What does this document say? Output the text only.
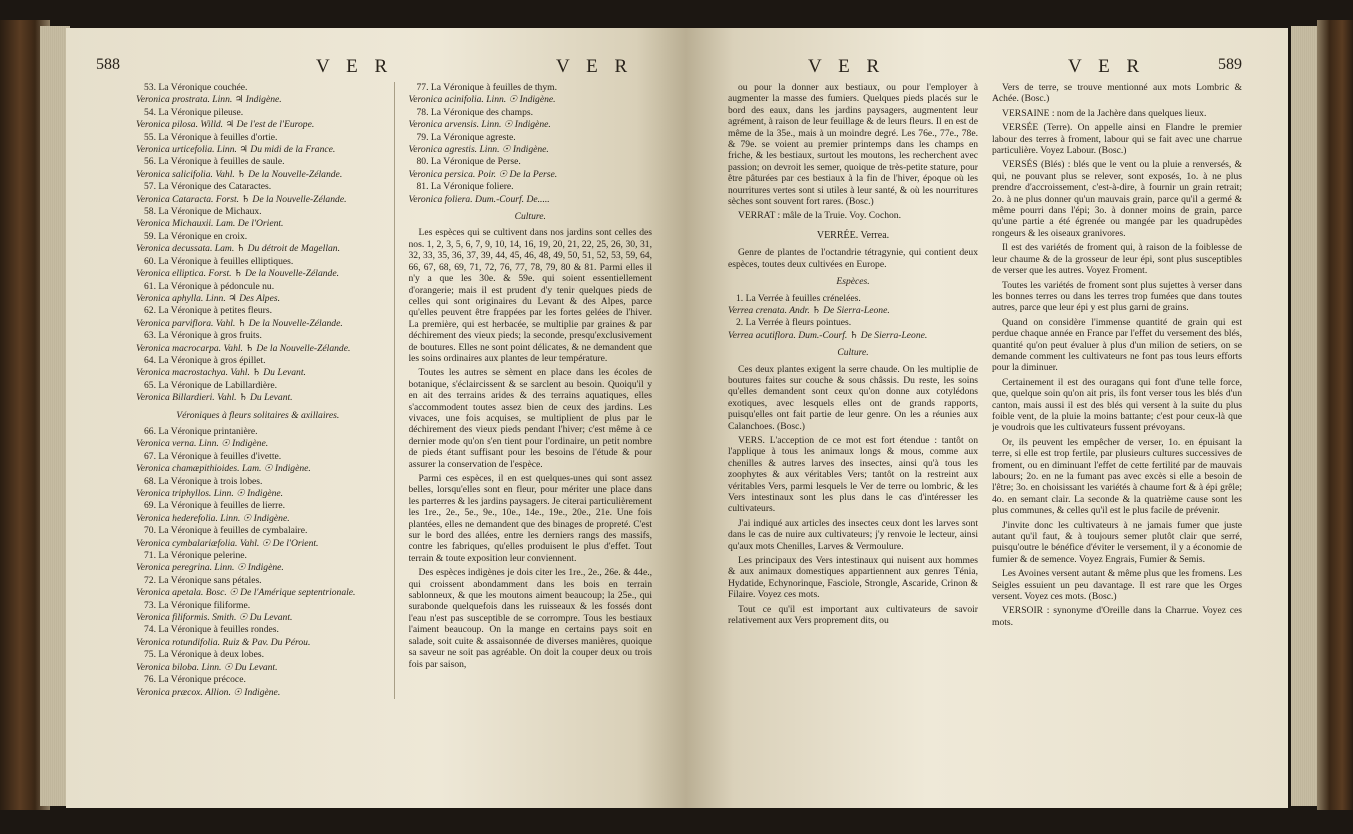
588	V E R	V E R
53. La Véronique couchée.
Veronica prostrata. Linn. ♃ Indigène.
54. La Véronique pileuse.
Veronica pilosa. Willd. ♃ De l'est de l'Europe.
55. La Véronique à feuilles d'ortie.
Veronica urticefolia. Linn. ♃ Du midi de la France.
56. La Véronique à feuilles de saule.
Veronica salicifolia. Vahl. ♄ De la Nouvelle-Zélande.
57. La Véronique des Cataractes.
Veronica Cataracta. Forst. ♄ De la Nouvelle-Zélande.
58. La Véronique de Michaux.
Veronica Michauxii. Lam. De l'Orient.
59. La Véronique en croix.
Veronica decussata. Lam. ♄ Du détroit de Magellan.
60. La Véronique à feuilles elliptiques.
Veronica elliptica. Forst. ♄ De la Nouvelle-Zélande.
61. La Véronique à pédoncule nu.
Veronica aphylla. Linn. ♃ Des Alpes.
62. La Véronique à petites fleurs.
Veronica parviflora. Vahl. ♄ De la Nouvelle-Zélande.
63. La Véronique à gros fruits.
Veronica macrocarpa. Vahl. ♄ De la Nouvelle-Zélande.
64. La Véronique à gros épillet.
Veronica macrostachya. Vahl. ♄ Du Levant.
65. La Véronique de Labillardière.
Veronica Billardieri. Vahl. ♄ Du Levant.
Véroniques à fleurs solitaires & axillaires.
66. La Véronique printanière.
Veronica verna. Linn. ☉ Indigène.
67. La Véronique à feuilles d'ivette.
Veronica chamæpithioides. Lam. ☉ Indigène.
68. La Véronique à trois lobes.
Veronica triphyllos. Linn. ☉ Indigène.
69. La Véronique à feuilles de lierre.
Veronica hederefolia. Linn. ☉ Indigène.
70. La Véronique à feuilles de cymbalaire.
Veronica cymbalariæfolia. Vahl. ☉ De l'Orient.
71. La Véronique pelerine.
Veronica peregrina. Linn. ☉ Indigène.
72. La Véronique sans pétales.
Veronica apetala. Bosc. ☉ De l'Amérique septentrionale.
73. La Véronique filiforme.
Veronica filiformis. Smith. ☉ Du Levant.
74. La Véronique à feuilles rondes.
Veronica rotundifolia. Ruiz & Pav. Du Pérou.
75. La Véronique à deux lobes.
Veronica biloba. Linn. ☉ Du Levant.
76. La Véronique précoce.
Veronica præcox. Allion. ☉ Indigène.
77. La Véronique à feuilles de thym.
Veronica acinifolia. Linn. ☉ Indigène.
78. La Véronique des champs.
Veronica arvensis. Linn. ☉ Indigène.
79. La Véronique agreste.
Veronica agrestis. Linn. ☉ Indigène.
80. La Véronique de Perse.
Veronica persica. Poir. ☉ De la Perse.
81. La Véronique foliere.
Veronica foliera. Dum.-Courf. De.....
Culture.

Les espèces qui se cultivent dans nos jardins sont celles des nos. 1, 2, 3, 5, 6, 7, 9, 10, 14, 16, 19, 20, 21, 22, 25, 26, 30, 31, 32, 33, 35, 36, 37, 39, 44, 45, 46, 48, 49, 50, 51, 52, 53, 59, 64, 66, 67, 68, 69, 71, 72, 76, 77, 78, 79, 80 & 81. Parmi elles il n'y a que les 30e. & 59e. qui soient essentiellement d'orangerie; mais il est prudent d'y tenir quelques pieds de celles qui sont originaires du Levant & des Alpes, parce qu'elles peuvent être frappées par les fortes gelées de l'hiver. La première, qui est herbacée, se multiplie par graines & par déchirement des vieux pieds; la seconde, presqu'exclusivement de boutures. Elles ne sont point délicates, & ne demandent que les soins ordinaires aux plantes de leur température.

Toutes les autres se sèment en place dans les écoles de botanique, s'éclaircissent & se sarclent au besoin. Quoiqu'il y en ait des terrains arides & des terrains aquatiques, elles s'accommodent toutes assez bien de ceux des jardins. Les vivaces, une fois acquises, se multiplient de plus par le déchirement des vieux pieds pendant l'hiver; c'est même à ce dernier mode qu'on s'en tient pour l'ordinaire, un petit nombre de pieds étant suffisant pour les besoins de l'étude & pour assurer la conservation de l'espèce.

Parmi ces espèces, il en est quelques-unes qui sont assez belles, lorsqu'elles sont en fleur, pour mériter une place dans les parterres & les jardins paysagers. Je citerai particulièrement les 1re., 2e., 5e., 9e., 10e., 14e., 19e., 20e., 21e. Une fois plantées, elles ne demandent que des binages de propreté. C'est sur le bord des allées, entre les derniers rangs des massifs, contre les fabriques, qu'elles produisent le plus d'effet. Tout terrain & toute exposition leur conviennent.

Des espèces indigènes je dois citer les 1re., 2e., 26e. & 44e., qui croissent abondamment dans les bois en terrain sablonneux, & que les moutons aiment beaucoup; la 25e., qui surabonde quelquefois dans les ruisseaux & les fossés dont l'eau n'est pas susceptible de se corrompre. Tous les bestiaux l'aiment beaucoup. On la mange en certains pays soit en salade, soit cuite & assaisonnée de diverses manières, quoique sa saveur ne soit pas agréable. On doit la couper deux ou trois fois par saison,

V E R	V E R	589

ou pour la donner aux bestiaux, ou pour l'employer à augmenter la masse des fumiers. Quelques pieds placés sur le bord des eaux, dans les jardins paysagers, augmentent leur agrément, à raison de leur feuillage & de leurs fleurs. Il en est de même de la 35e., mais à un moindre degré. Les 76e., 77e., 78e. & 79e. se voient au premier printemps dans les champs en friche, & les bestiaux, surtout les moutons, les recherchent avec passion; on devroit les semer, quoique de très-petite stature, pour être pâturées par ces bestiaux à la fin de l'hiver, époque où les nourritures vertes sont si utiles à leur santé, & où les nourritures sèches sont souvent fort rares. (Bosc.)

VERRAT : mâle de la Truie. Voy. Cochon.

VERRÉE. Verrea.

Genre de plantes de l'octandrie tétragynie, qui contient deux espèces, toutes deux cultivées en Europe.

Espèces.
1. La Verrée à feuilles crénelées.
Verrea crenata. Andr. ♄ De Sierra-Leone.
2. La Verrée à fleurs pointues.
Verrea acutiflora. Dum.-Courf. ♄ De Sierra-Leone.
Culture.

Ces deux plantes exigent la serre chaude. On les multiplie de boutures faites sur couche & sous châssis. Du reste, les soins qu'elles demandent sont ceux qu'on donne aux cotylédons exotiques, avec lesquels elles ont de grands rapports, puisqu'elles ont fait partie de leur genre. On les a réunies aux Calanchoes. (Bosc.)

VERS. L'acception de ce mot est fort étendue : tantôt on l'applique à tous les animaux longs & mous, comme aux chenilles & autres larves des insectes, ainsi qu'à tous les zoophytes & aux véritables Vers; tantôt on la restreint aux véritables Vers, parmi lesquels le Ver de terre ou lombric, & les Vers intestinaux sont les plus dans le cas d'intéresser les cultivateurs.

J'ai indiqué aux articles des insectes ceux dont les larves sont dans le cas de nuire aux cultivateurs; j'y renvoie le lecteur, ainsi qu'aux mots Chenilles, Larves & Vermoulure.

Les principaux des Vers intestinaux qui nuisent aux hommes & aux animaux domestiques appartiennent aux genres Ténia, Hydatide, Echynorinque, Fasciole, Strongle, Ascaride, Crinon & Filaire. Voyez ces mots.

Tout ce qu'il est important aux cultivateurs de savoir relativement aux Vers proprement dits, ou

Vers de terre, se trouve mentionné aux mots Lombric & Achée. (Bosc.)

VERSAINE : nom de la Jachère dans quelques lieux.

VERSÉE (Terre). On appelle ainsi en Flandre le premier labour des terres à froment, labour qui se fait avec une charrue particulière. Voyez Labour. (Bosc.)

VERSÉS (Blés) : blés que le vent ou la pluie a renversés, & qui, ne pouvant plus se relever, sont exposés, 1o. à ne plus prendre d'accroissement, c'est-à-dire, à fournir un grain retrait; 2o. à ne plus donner qu'un mauvais grain, parce qu'il a germé & même pourri dans l'épi; 3o. à donner moins de grain, parce qu'une partie a été égrenée ou mangée par les quadrupèdes rongeurs & les oiseaux granivores.

Il est des variétés de froment qui, à raison de la foiblesse de leur chaume & de la grosseur de leur épi, sont plus susceptibles de verser que les autres. Voyez Froment.

Toutes les variétés de froment sont plus sujettes à verser dans les bonnes terres ou dans les terres trop fumées que dans toutes autres, parce que leur épi y est plus garni de grains.

Quand on considère l'immense quantité de grain qui est perdue chaque année en France par l'effet du versement des blés, quantité qu'on peut évaluer à plus d'un milion de setiers, on se demande comment les cultivateurs ne font pas tous leurs efforts pour la diminuer.

Certainement il est des ouragans qui font d'une telle force, que, quelque soin qu'on ait pris, ils font verser tous les blés d'un canton, mais aussi il est des blés qui versent à la suite du plus foible vent, de la pluie la moins battante; c'est pour ceux-là que je voudrois que les cultivateurs fussent prévoyans.

Or, ils peuvent les empêcher de verser, 1o. en épuisant la terre, si elle est trop fertile, par plusieurs cultures successives de froment, ou en diminuant l'effet de cette fertilité par de mauvais labours; 2o. en ne la fumant pas avec excès si elle a besoin de l'être; 3o. en choisissant les variétés à chaume fort & à épi grêle; 4o. en semant clair. La seconde & la quatrième cause sont les plus communes, & celles qu'il est le plus facile de prévenir.

J'invite donc les cultivateurs à ne jamais fumer que juste autant qu'il faut, & à toujours semer plutôt clair que serré, puisqu'outre le bénéfice d'éviter le versement, il y a économie de fumier & de semence. Voyez Engrais, Fumier & Semis.

Les Avoines versent autant & même plus que les fromens. Les Seigles essuient un peu davantage. Il est rare que les Orges versent. Voyez ces mots. (Bosc.)

VERSOIR : synonyme d'Oreille dans la Charrue. Voyez ces mots.
